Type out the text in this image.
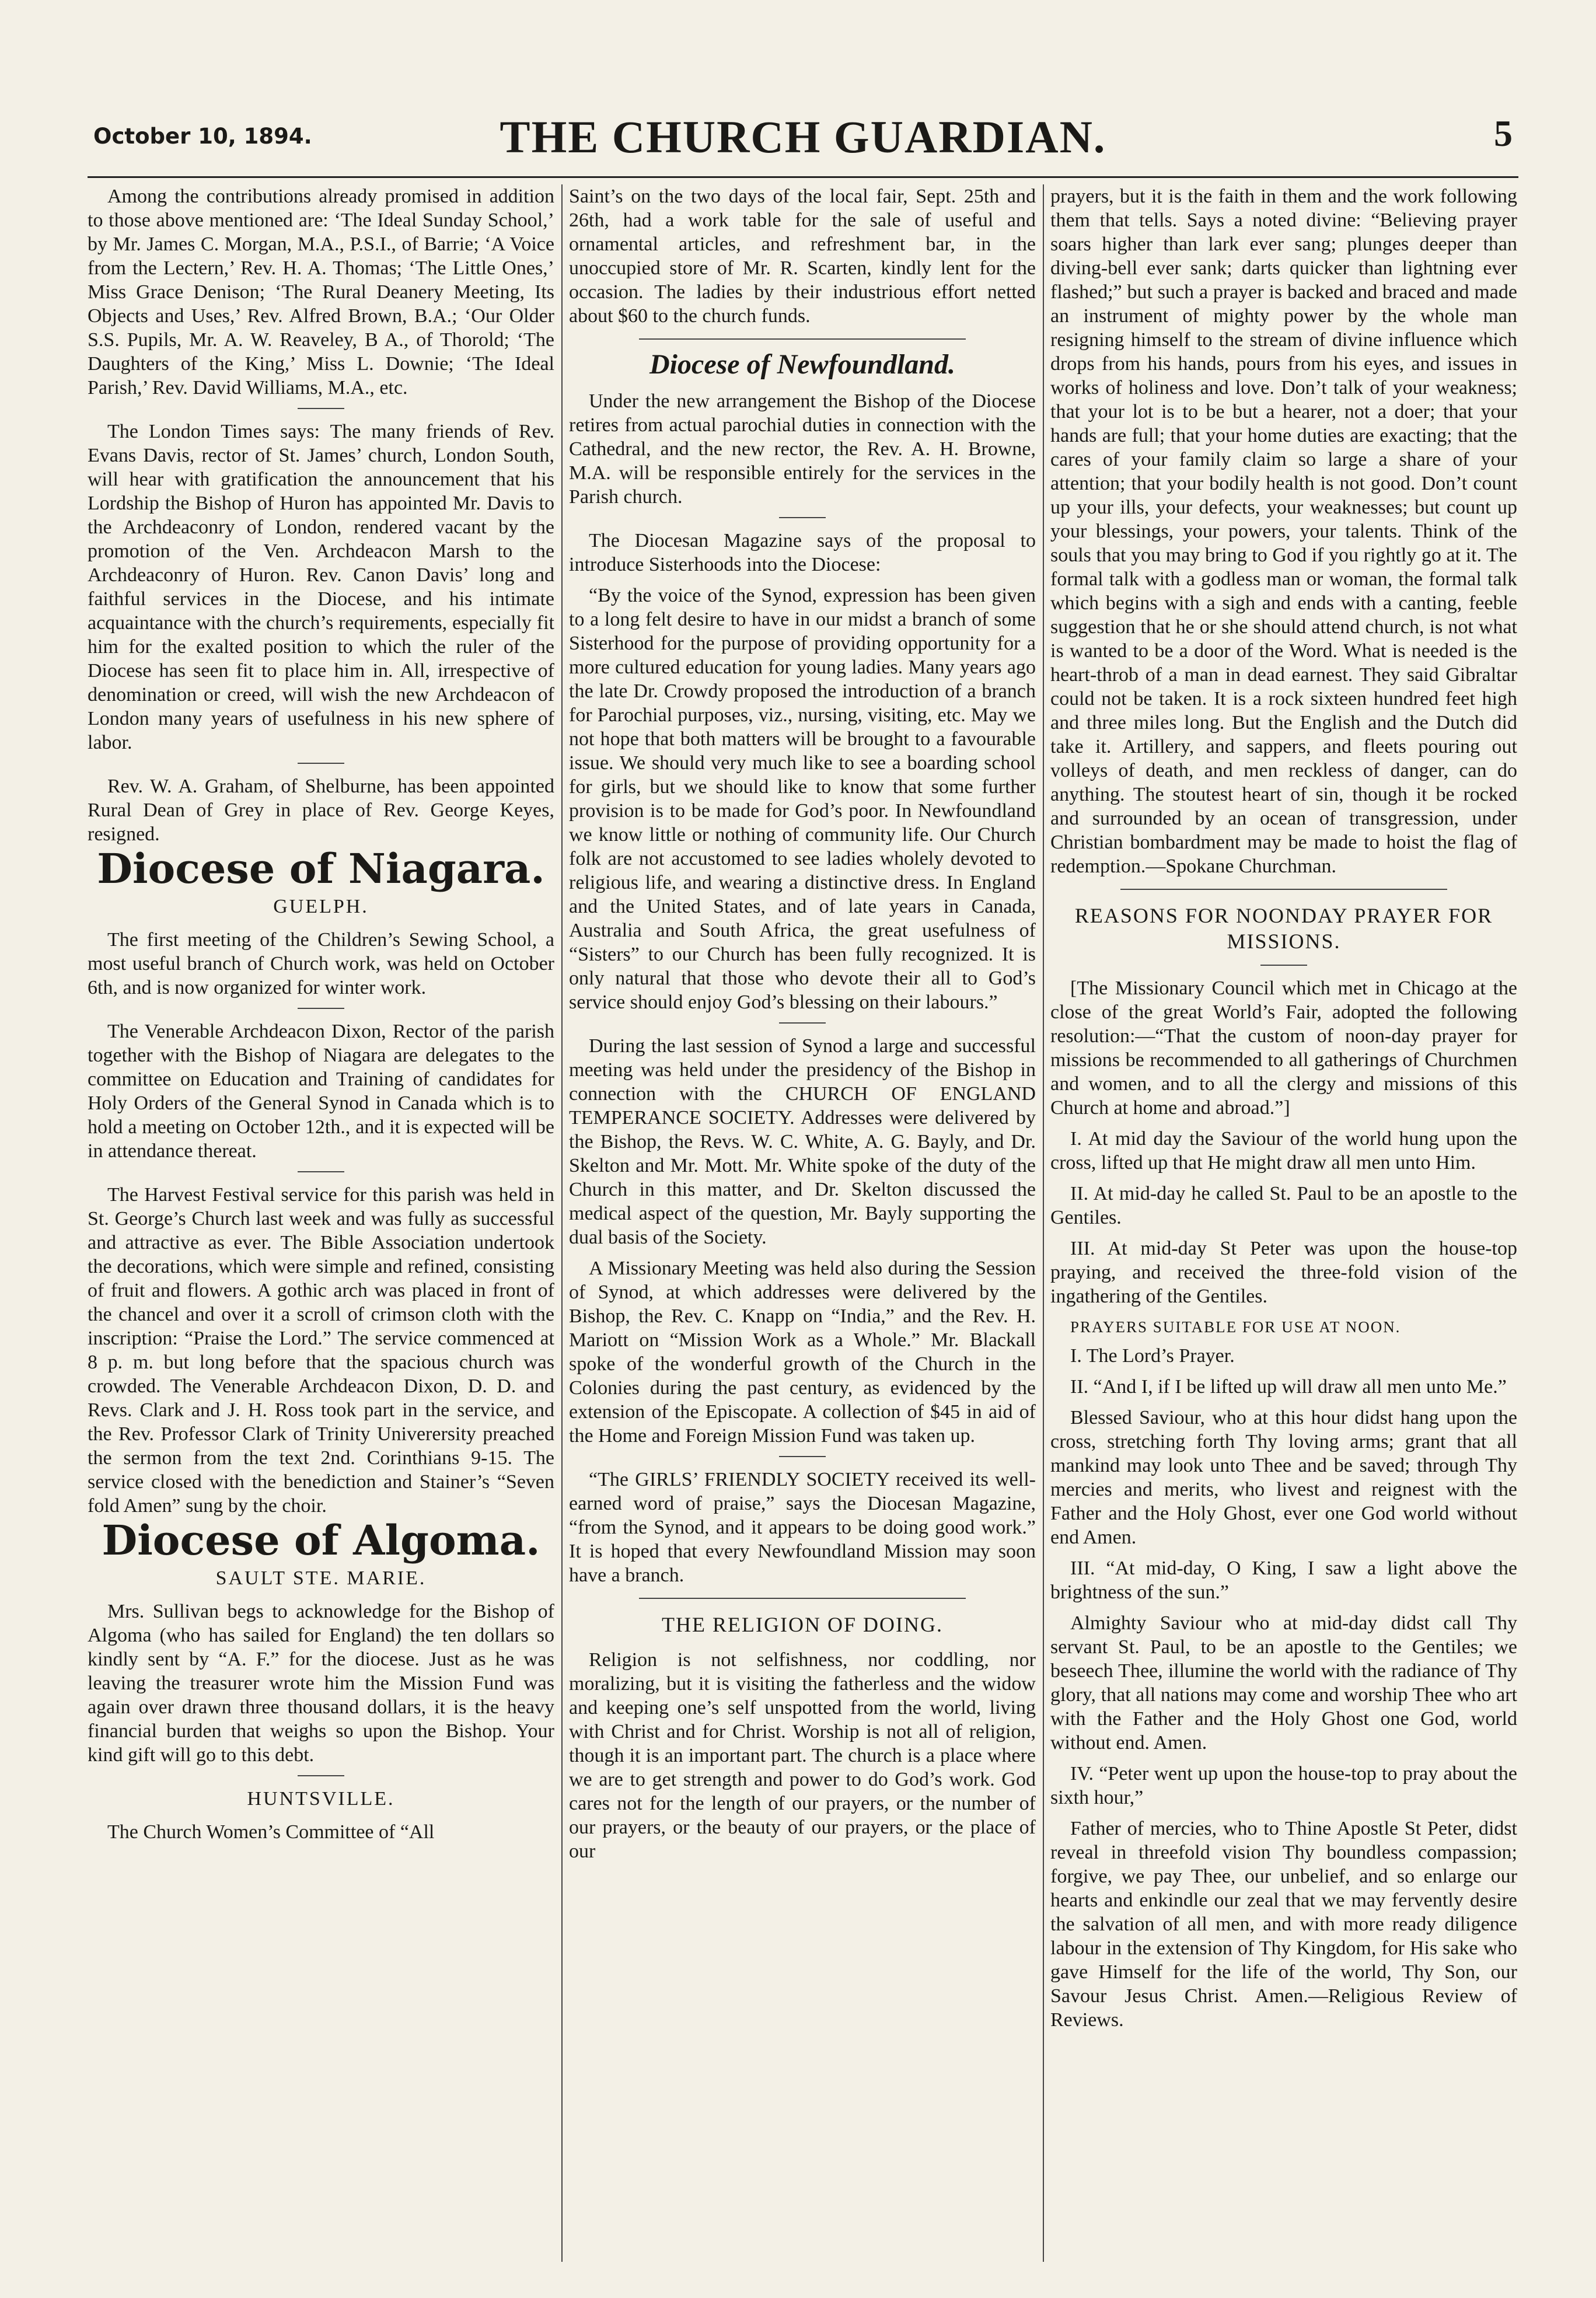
October 10, 1894.	THE CHURCH GUARDIAN.	5

Among the contributions already promised in addition to those above mentioned are: ‘The Ideal Sunday School,’ by Mr. James C. Morgan, M.A., P.S.I., of Barrie; ‘A Voice from the Lectern,’ Rev. H. A. Thomas; ‘The Little Ones,’ Miss Grace Denison; ‘The Rural Deanery Meeting, Its Objects and Uses,’ Rev. Alfred Brown, B.A.; ‘Our Older S.S. Pupils, Mr. A. W. Reaveley, B A., of Thorold; ‘The Daughters of the King,’ Miss L. Downie; ‘The Ideal Parish,’ Rev. David Williams, M.A., etc.

The London Times says: The many friends of Rev. Evans Davis, rector of St. James’ church, London South, will hear with gratification the announcement that his Lordship the Bishop of Huron has appointed Mr. Davis to the Archdeaconry of London, rendered vacant by the promotion of the Ven. Archdeacon Marsh to the Archdeaconry of Huron. Rev. Canon Davis’ long and faithful services in the Diocese, and his intimate acquaintance with the church’s requirements, especially fit him for the exalted position to which the ruler of the Diocese has seen fit to place him in. All, irrespective of denomination or creed, will wish the new Archdeacon of London many years of usefulness in his new sphere of labor.

Rev. W. A. Graham, of Shelburne, has been appointed Rural Dean of Grey in place of Rev. George Keyes, resigned.

Diocese of Niagara.
GUELPH.

The first meeting of the Children’s Sewing School, a most useful branch of Church work, was held on October 6th, and is now organized for winter work.

The Venerable Archdeacon Dixon, Rector of the parish together with the Bishop of Niagara are delegates to the committee on Education and Training of candidates for Holy Orders of the General Synod in Canada which is to hold a meeting on October 12th., and it is expected will be in attendance thereat.

The Harvest Festival service for this parish was held in St. George’s Church last week and was fully as successful and attractive as ever. The Bible Association undertook the decorations, which were simple and refined, consisting of fruit and flowers. A gothic arch was placed in front of the chancel and over it a scroll of crimson cloth with the inscription: “Praise the Lord.” The service commenced at 8 p. m. but long before that the spacious church was crowded. The Venerable Archdeacon Dixon, D. D. and Revs. Clark and J. H. Ross took part in the service, and the Rev. Professor Clark of Trinity Univerersity preached the sermon from the text 2nd. Corinthians 9-15. The service closed with the benediction and Stainer’s “Seven fold Amen” sung by the choir.

Diocese of Algoma.
SAULT STE. MARIE.

Mrs. Sullivan begs to acknowledge for the Bishop of Algoma (who has sailed for England) the ten dollars so kindly sent by “A. F.” for the diocese. Just as he was leaving the treasurer wrote him the Mission Fund was again over drawn three thousand dollars, it is the heavy financial burden that weighs so upon the Bishop. Your kind gift will go to this debt.

HUNTSVILLE.

The Church Women’s Committee of “All

Saint’s on the two days of the local fair, Sept. 25th and 26th, had a work table for the sale of useful and ornamental articles, and refreshment bar, in the unoccupied store of Mr. R. Scarten, kindly lent for the occasion. The ladies by their industrious effort netted about $60 to the church funds.

Diocese of Newfoundland.

Under the new arrangement the Bishop of the Diocese retires from actual parochial duties in connection with the Cathedral, and the new rector, the Rev. A. H. Browne, M.A. will be responsible entirely for the services in the Parish church.

The Diocesan Magazine says of the proposal to introduce Sisterhoods into the Diocese:

“By the voice of the Synod, expression has been given to a long felt desire to have in our midst a branch of some Sisterhood for the purpose of providing opportunity for a more cultured education for young ladies. Many years ago the late Dr. Crowdy proposed the introduction of a branch for Parochial purposes, viz., nursing, visiting, etc. May we not hope that both matters will be brought to a favourable issue. We should very much like to see a boarding school for girls, but we should like to know that some further provision is to be made for God’s poor. In Newfoundland we know little or nothing of community life. Our Church folk are not accustomed to see ladies wholely devoted to religious life, and wearing a distinctive dress. In England and the United States, and of late years in Canada, Australia and South Africa, the great usefulness of “Sisters” to our Church has been fully recognized. It is only natural that those who devote their all to God’s service should enjoy God’s blessing on their labours.”

During the last session of Synod a large and successful meeting was held under the presidency of the Bishop in connection with the CHURCH OF ENGLAND TEMPERANCE SOCIETY. Addresses were delivered by the Bishop, the Revs. W. C. White, A. G. Bayly, and Dr. Skelton and Mr. Mott. Mr. White spoke of the duty of the Church in this matter, and Dr. Skelton discussed the medical aspect of the question, Mr. Bayly supporting the dual basis of the Society.

A Missionary Meeting was held also during the Session of Synod, at which addresses were delivered by the Bishop, the Rev. C. Knapp on “India,” and the Rev. H. Mariott on “Mission Work as a Whole.” Mr. Blackall spoke of the wonderful growth of the Church in the Colonies during the past century, as evidenced by the extension of the Episcopate. A collection of $45 in aid of the Home and Foreign Mission Fund was taken up.

“The GIRLS’ FRIENDLY SOCIETY received its well-earned word of praise,” says the Diocesan Magazine, “from the Synod, and it appears to be doing good work.” It is hoped that every Newfoundland Mission may soon have a branch.

THE RELIGION OF DOING.

Religion is not selfishness, nor coddling, nor moralizing, but it is visiting the fatherless and the widow and keeping one’s self unspotted from the world, living with Christ and for Christ. Worship is not all of religion, though it is an important part. The church is a place where we are to get strength and power to do God’s work. God cares not for the length of our prayers, or the number of our prayers, or the beauty of our prayers, or the place of our

prayers, but it is the faith in them and the work following them that tells. Says a noted divine: “Believing prayer soars higher than lark ever sang; plunges deeper than diving-bell ever sank; darts quicker than lightning ever flashed;” but such a prayer is backed and braced and made an instrument of mighty power by the whole man resigning himself to the stream of divine influence which drops from his hands, pours from his eyes, and issues in works of holiness and love. Don’t talk of your weakness; that your lot is to be but a hearer, not a doer; that your hands are full; that your home duties are exacting; that the cares of your family claim so large a share of your attention; that your bodily health is not good. Don’t count up your ills, your defects, your weaknesses; but count up your blessings, your powers, your talents. Think of the souls that you may bring to God if you rightly go at it. The formal talk with a godless man or woman, the formal talk which begins with a sigh and ends with a canting, feeble suggestion that he or she should attend church, is not what is wanted to be a door of the Word. What is needed is the heart-throb of a man in dead earnest. They said Gibraltar could not be taken. It is a rock sixteen hundred feet high and three miles long. But the English and the Dutch did take it. Artillery, and sappers, and fleets pouring out volleys of death, and men reckless of danger, can do anything. The stoutest heart of sin, though it be rocked and surrounded by an ocean of transgression, under Christian bombardment may be made to hoist the flag of redemption.—Spokane Churchman.

REASONS FOR NOONDAY PRAYER FOR MISSIONS.

[The Missionary Council which met in Chicago at the close of the great World’s Fair, adopted the following resolution:—“That the custom of noon-day prayer for missions be recommended to all gatherings of Churchmen and women, and to all the clergy and missions of this Church at home and abroad.”]

I. At mid day the Saviour of the world hung upon the cross, lifted up that He might draw all men unto Him.

II. At mid-day he called St. Paul to be an apostle to the Gentiles.

III. At mid-day St Peter was upon the house-top praying, and received the three-fold vision of the ingathering of the Gentiles.

PRAYERS SUITABLE FOR USE AT NOON.

I. The Lord’s Prayer.

II. “And I, if I be lifted up will draw all men unto Me.”

Blessed Saviour, who at this hour didst hang upon the cross, stretching forth Thy loving arms; grant that all mankind may look unto Thee and be saved; through Thy mercies and merits, who livest and reignest with the Father and the Holy Ghost, ever one God world without end Amen.

III. “At mid-day, O King, I saw a light above the brightness of the sun.”

Almighty Saviour who at mid-day didst call Thy servant St. Paul, to be an apostle to the Gentiles; we beseech Thee, illumine the world with the radiance of Thy glory, that all nations may come and worship Thee who art with the Father and the Holy Ghost one God, world without end. Amen.

IV. “Peter went up upon the house-top to pray about the sixth hour,”

Father of mercies, who to Thine Apostle St Peter, didst reveal in threefold vision Thy boundless compassion; forgive, we pay Thee, our unbelief, and so enlarge our hearts and enkindle our zeal that we may fervently desire the salvation of all men, and with more ready diligence labour in the extension of Thy Kingdom, for His sake who gave Himself for the life of the world, Thy Son, our Savour Jesus Christ. Amen.—Religious Review of Reviews.
